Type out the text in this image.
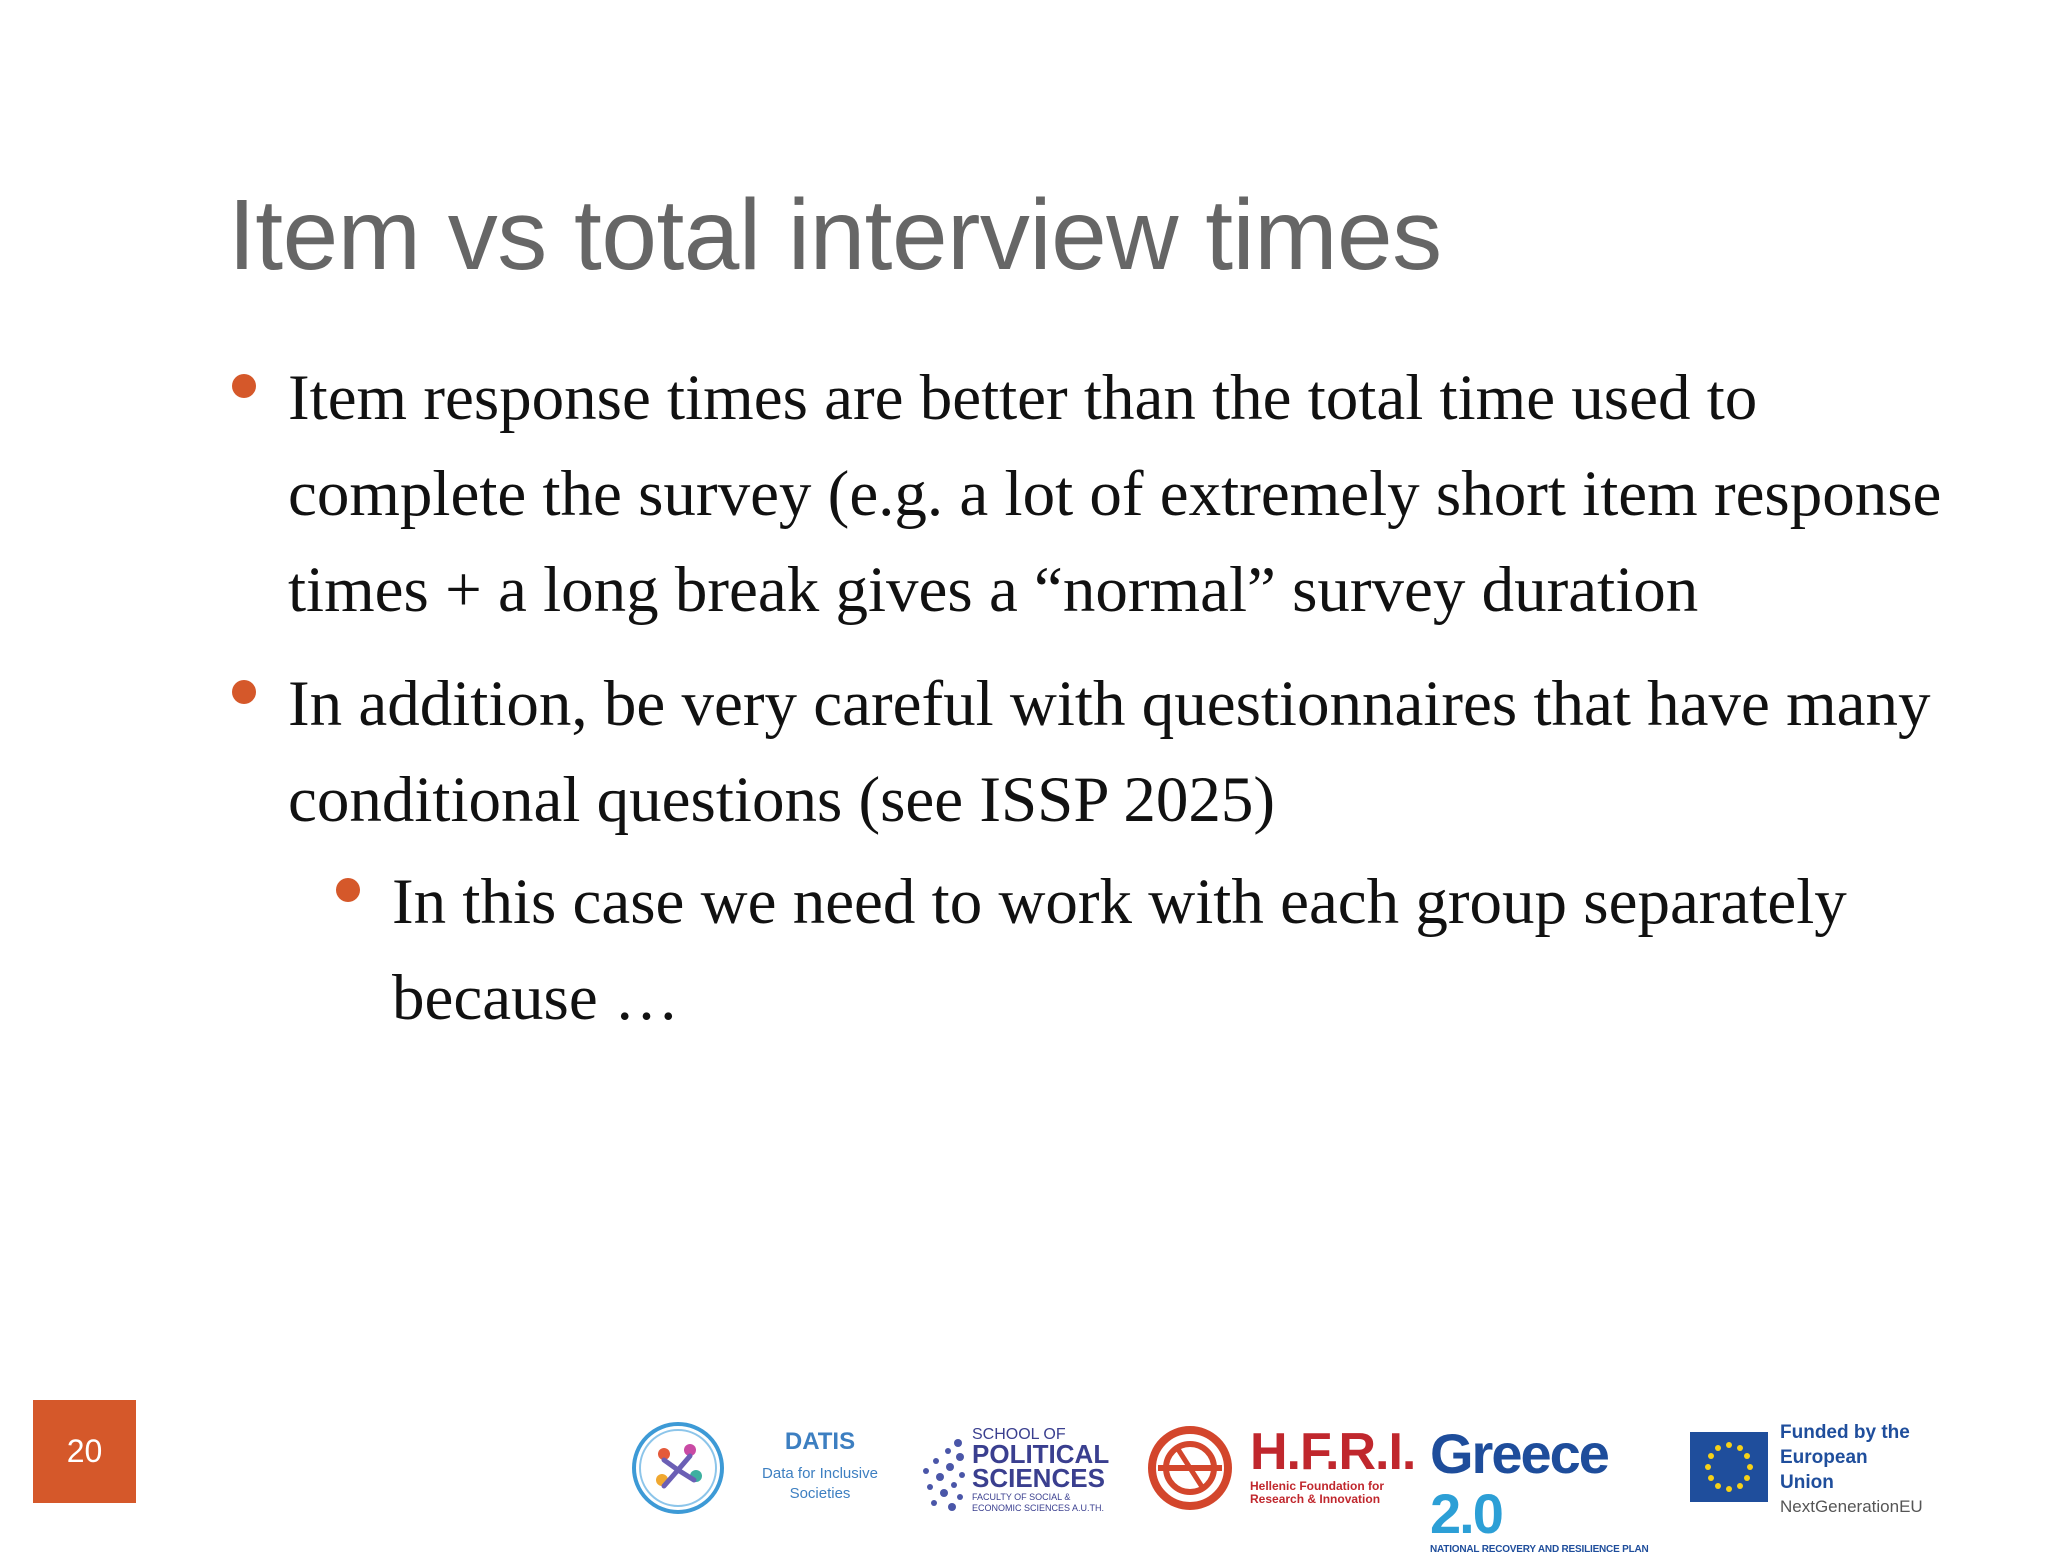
Item vs total interview times
Item response times are better than the total time used to complete the survey (e.g. a lot of extremely short item response times + a long break gives a “normal” survey duration
In addition, be very careful with questionnaires that have many conditional questions (see ISSP 2025)
In this case we need to work with each group separately because …
20	DATIS
Data for Inclusive
Societies
SCHOOL OF
POLITICAL
SCIENCES
FACULTY OF SOCIAL &
ECONOMIC SCIENCES A.U.TH.
H.F.R.I.
Hellenic Foundation for
Research & Innovation
Greece 2.0
NATIONAL RECOVERY AND RESILIENCE PLAN
Funded by the
European Union
NextGenerationEU
